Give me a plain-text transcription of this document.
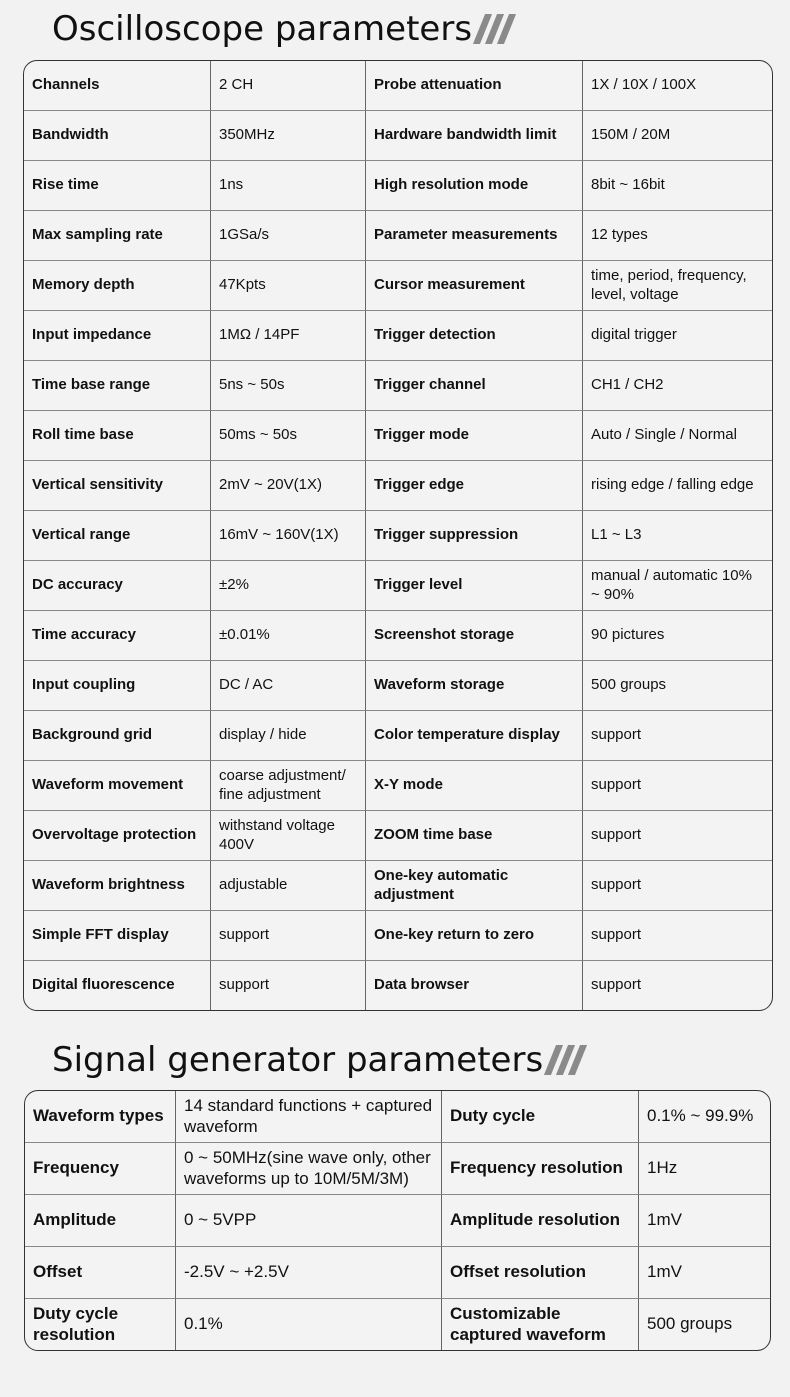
Oscilloscope parameters
Channels	2 CH	Probe attenuation	1X / 10X / 100X
Bandwidth	350MHz	Hardware bandwidth limit	150M / 20M
Rise time	1ns	High resolution mode	8bit ~ 16bit
Max sampling rate	1GSa/s	Parameter measurements	12 types
Memory depth	47Kpts	Cursor measurement	time, period, frequency, level, voltage
Input impedance	1MΩ / 14PF	Trigger detection	digital trigger
Time base range	5ns ~ 50s	Trigger channel	CH1 / CH2
Roll time base	50ms ~ 50s	Trigger mode	Auto / Single / Normal
Vertical sensitivity	2mV ~ 20V(1X)	Trigger edge	rising edge / falling edge
Vertical range	16mV ~ 160V(1X)	Trigger suppression	L1 ~ L3
DC accuracy	±2%	Trigger level	manual / automatic 10% ~ 90%
Time accuracy	±0.01%	Screenshot storage	90 pictures
Input coupling	DC / AC	Waveform storage	500 groups
Background grid	display / hide	Color temperature display	support
Waveform movement	coarse adjustment/ fine adjustment	X-Y mode	support
Overvoltage protection	withstand voltage 400V	ZOOM time base	support
Waveform brightness	adjustable	One-key automatic adjustment	support
Simple FFT display	support	One-key return to zero	support
Digital fluorescence	support	Data browser	support
Signal generator parameters
Waveform types	14 standard functions + captured waveform	Duty cycle	0.1% ~ 99.9%
Frequency	0 ~ 50MHz(sine wave only, other waveforms up to 10M/5M/3M)	Frequency resolution	1Hz
Amplitude	0 ~ 5VPP	Amplitude resolution	1mV
Offset	-2.5V ~ +2.5V	Offset resolution	1mV
Duty cycle resolution	0.1%	Customizable captured waveform	500 groups
